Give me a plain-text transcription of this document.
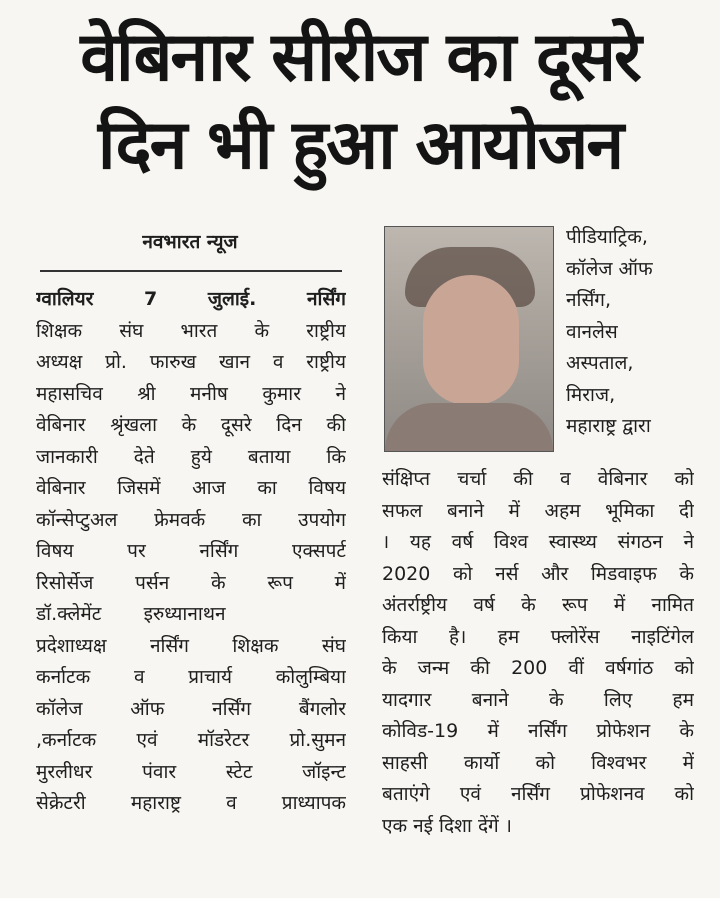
वेबिनार सीरीज का दूसरे
दिन भी हुआ आयोजन
नवभारत न्यूज
ग्वालियर 7 जुलाई. नर्सिंग
शिक्षक संघ भारत के राष्ट्रीय
अध्यक्ष प्रो. फारुख खान व राष्ट्रीय
महासचिव श्री मनीष कुमार ने
वेबिनार श्रृंखला के दूसरे दिन की
जानकारी देते हुये बताया कि
वेबिनार जिसमें आज का विषय
कॉन्सेप्टुअल फ्रेमवर्क का उपयोग
विषय पर नर्सिंग एक्सपर्ट
रिसोर्सेज पर्सन के रूप में
डॉ.क्लेमेंट       इरुध्यानाथन
प्रदेशाध्यक्ष नर्सिंग शिक्षक संघ
कर्नाटक व प्राचार्य कोलुम्बिया
कॉलेज ऑफ नर्सिंग बैंगलोर
,कर्नाटक एवं मॉडरेटर प्रो.सुमन
मुरलीधर पंवार स्टेट जॉइन्ट
सेक्रेटरी महाराष्ट्र व प्राध्यापक
पीडियाट्रिक,
कॉलेज ऑफ
नर्सिंग,
वानलेस
अस्पताल,
मिराज,
महाराष्ट्र द्वारा
संक्षिप्त चर्चा की व वेबिनार को
सफल बनाने में अहम भूमिका दी
। यह वर्ष विश्व स्वास्थ्य संगठन ने
2020 को नर्स और मिडवाइफ के
अंतर्राष्ट्रीय वर्ष के रूप में नामित
किया है। हम फ्लोरेंस नाइटिंगेल
के जन्म की 200 वीं वर्षगांठ को
यादगार बनाने के लिए हम
कोविड-19 में नर्सिंग प्रोफेशन के
साहसी कार्यो को विश्वभर में
बताएंगे एवं नर्सिंग प्रोफेशनव को
एक नई दिशा देंगें ।
